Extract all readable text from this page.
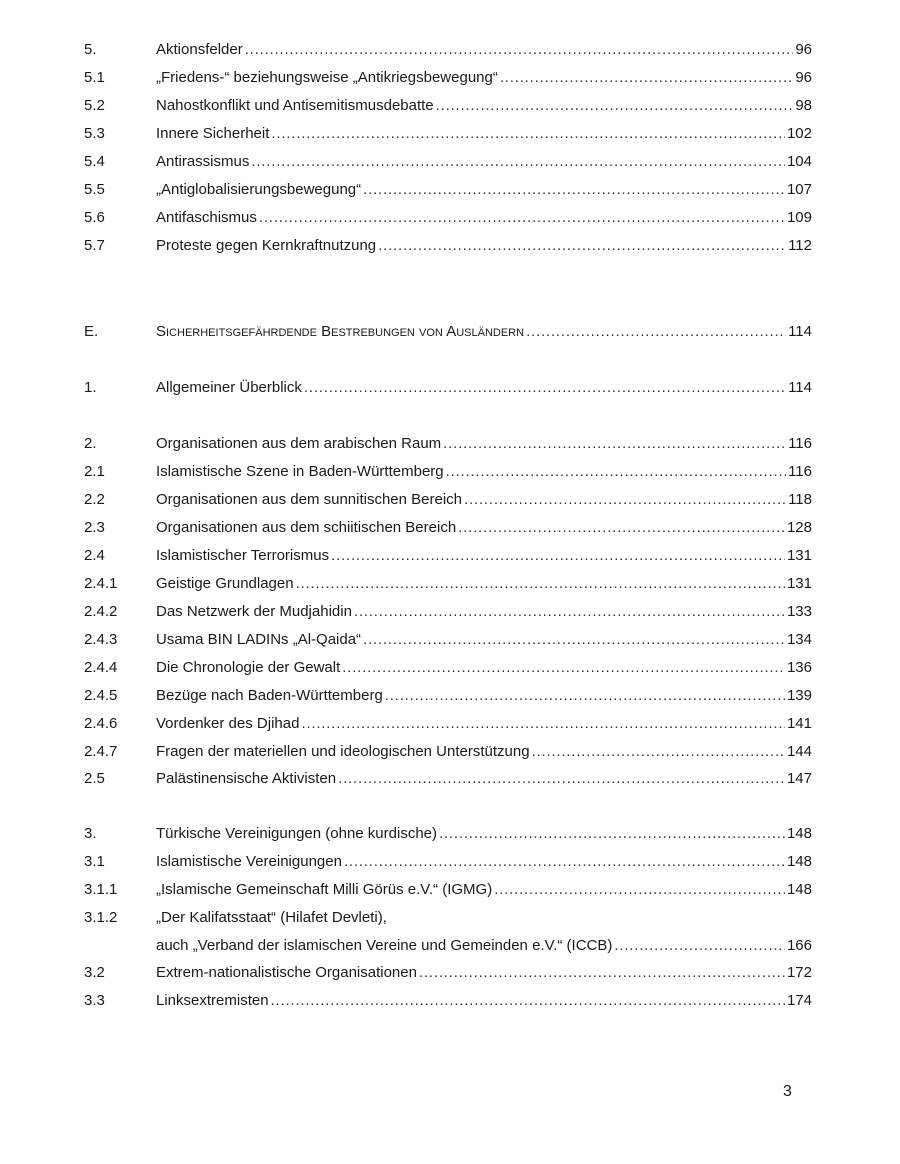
5.	Aktionsfelder .....	96
5.1	„Friedens-“ beziehungsweise „Antikriegsbewegung“ .....	96
5.2	Nahostkonflikt und Antisemitismusdebatte .....	98
5.3	Innere Sicherheit .....	102
5.4	Antirassismus .....	104
5.5	„Antiglobalisierungsbewegung“ .....	107
5.6	Antifaschismus .....	109
5.7	Proteste gegen Kernkraftnutzung .....	112
E.	Sicherheitsgefährdende Bestrebungen von Ausländern .....	114
1.	Allgemeiner Überblick .....	114
2.	Organisationen aus dem arabischen Raum .....	116
2.1	Islamistische Szene in Baden-Württemberg .....	116
2.2	Organisationen aus dem sunnitischen Bereich .....	118
2.3	Organisationen aus dem schiitischen Bereich .....	128
2.4	Islamistischer Terrorismus .....	131
2.4.1	Geistige Grundlagen .....	131
2.4.2	Das Netzwerk der Mudjahidin .....	133
2.4.3	Usama BIN LADINs „Al-Qaida“ .....	134
2.4.4	Die Chronologie der Gewalt .....	136
2.4.5	Bezüge nach Baden-Württemberg .....	139
2.4.6	Vordenker des Djihad .....	141
2.4.7	Fragen der materiellen und ideologischen Unterstützung .....	144
2.5	Palästinensische Aktivisten .....	147
3.	Türkische Vereinigungen (ohne kurdische) .....	148
3.1	Islamistische Vereinigungen .....	148
3.1.1	„Islamische Gemeinschaft Milli Görüs e.V.“ (IGMG) .....	148
3.1.2	„Der Kalifatsstaat“ (Hilafet Devleti),
auch „Verband der islamischen Vereine und Gemeinden e.V.“ (ICCB) .....	166
3.2	Extrem-nationalistische Organisationen .....	172
3.3	Linksextremisten .....	174
3
